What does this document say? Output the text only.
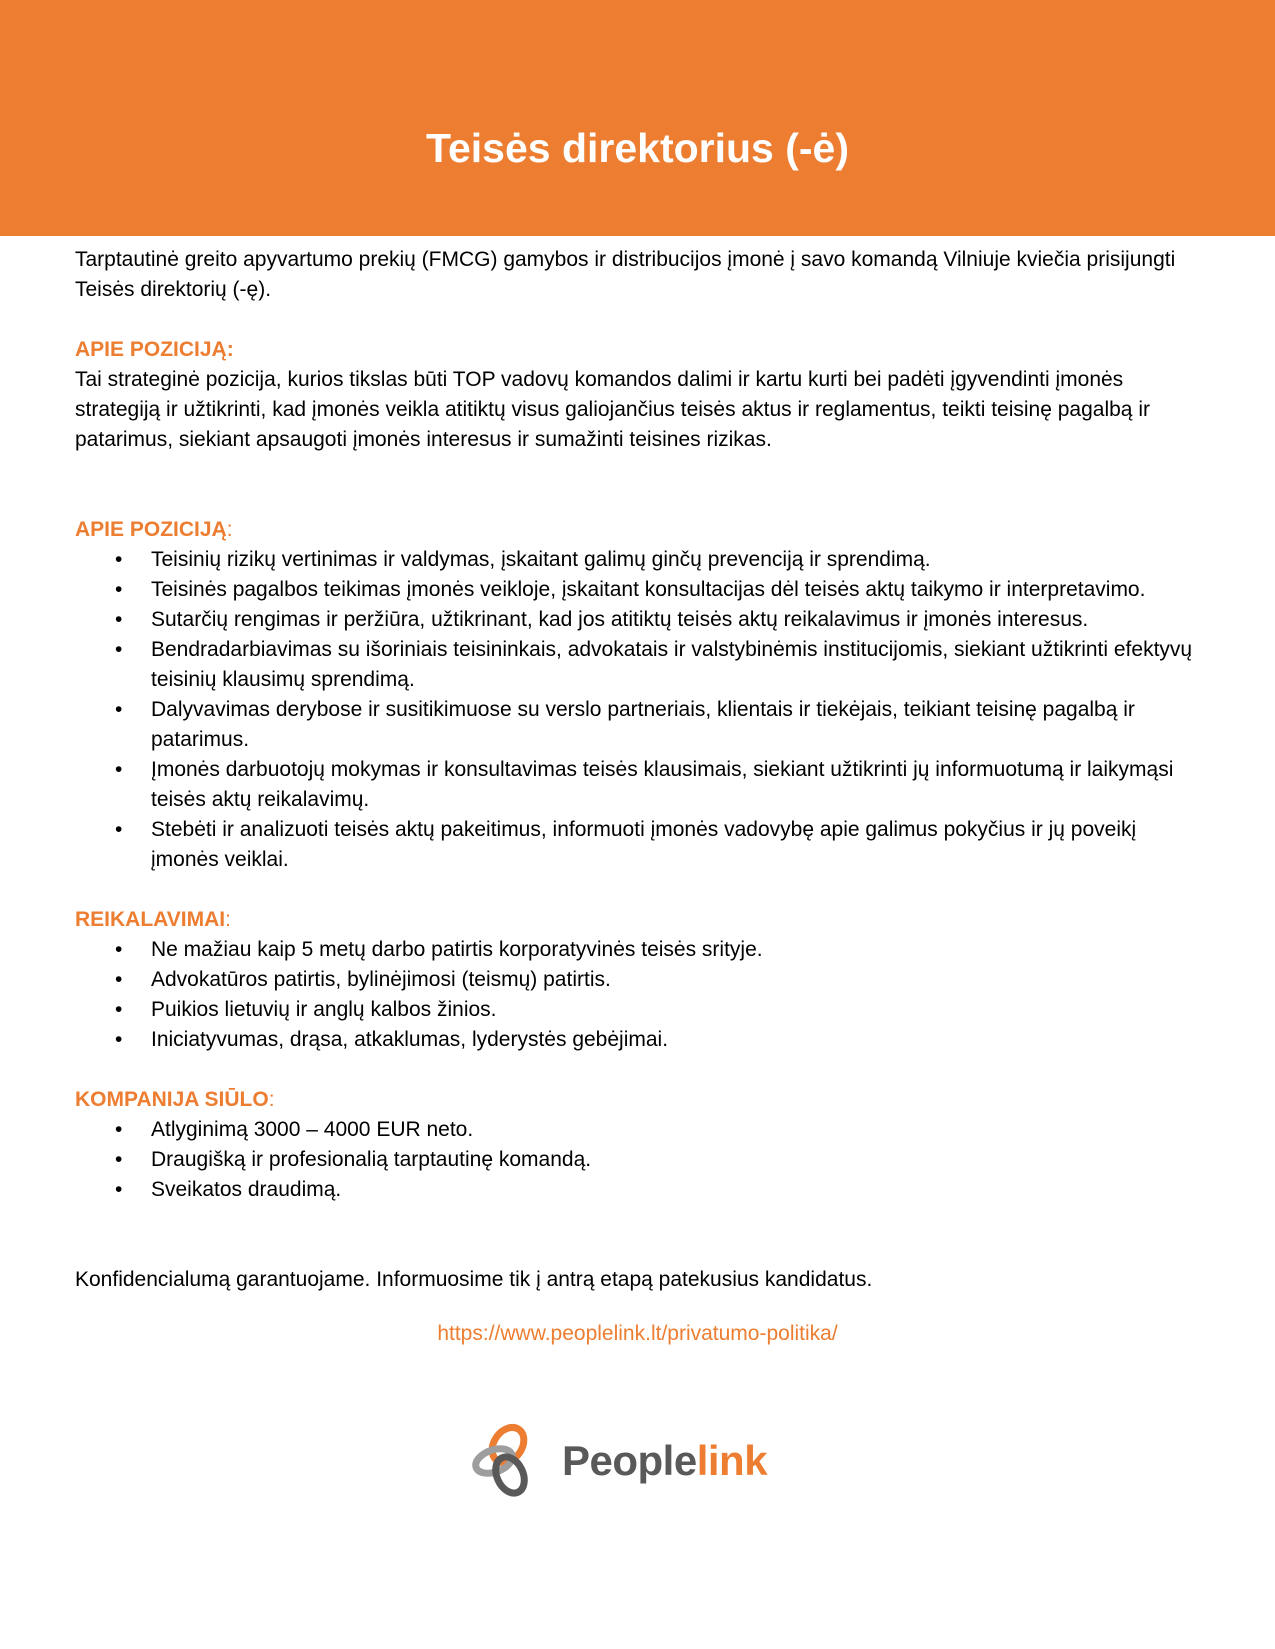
Teisės direktorius (-ė)

Tarptautinė greito apyvartumo prekių (FMCG) gamybos ir distribucijos įmonė į savo komandą Vilniuje kviečia prisijungti Teisės direktorių (-ę).

APIE POZICIJĄ:

Tai strateginė pozicija, kurios tikslas būti TOP vadovų komandos dalimi ir kartu kurti bei padėti įgyvendinti įmonės strategiją ir užtikrinti, kad įmonės veikla atitiktų visus galiojančius teisės aktus ir reglamentus, teikti teisinę pagalbą ir patarimus, siekiant apsaugoti įmonės interesus ir sumažinti teisines rizikas.

APIE POZICIJĄ:

• Teisinių rizikų vertinimas ir valdymas, įskaitant galimų ginčų prevenciją ir sprendimą.
• Teisinės pagalbos teikimas įmonės veikloje, įskaitant konsultacijas dėl teisės aktų taikymo ir interpretavimo.
• Sutarčių rengimas ir peržiūra, užtikrinant, kad jos atitiktų teisės aktų reikalavimus ir įmonės interesus.
• Bendradarbiavimas su išoriniais teisininkais, advokatais ir valstybinėmis institucijomis, siekiant užtikrinti efektyvų teisinių klausimų sprendimą.
• Dalyvavimas derybose ir susitikimuose su verslo partneriais, klientais ir tiekėjais, teikiant teisinę pagalbą ir patarimus.
• Įmonės darbuotojų mokymas ir konsultavimas teisės klausimais, siekiant užtikrinti jų informuotumą ir laikymąsi teisės aktų reikalavimų.
• Stebėti ir analizuoti teisės aktų pakeitimus, informuoti įmonės vadovybę apie galimus pokyčius ir jų poveikį įmonės veiklai.

REIKALAVIMAI:

• Ne mažiau kaip 5 metų darbo patirtis korporatyvinės teisės srityje.
• Advokatūros patirtis, bylinėjimosi (teismų) patirtis.
• Puikios lietuvių ir anglų kalbos žinios.
• Iniciatyvumas, drąsa, atkaklumas, lyderystės gebėjimai.

KOMPANIJA SIŪLO:

• Atlyginimą 3000 – 4000 EUR neto.
• Draugišką ir profesionalią tarptautinę komandą.
• Sveikatos draudimą.

Konfidencialumą garantuojame. Informuosime tik į antrą etapą patekusius kandidatus.

https://www.peoplelink.lt/privatumo-politika/
Peoplelink
